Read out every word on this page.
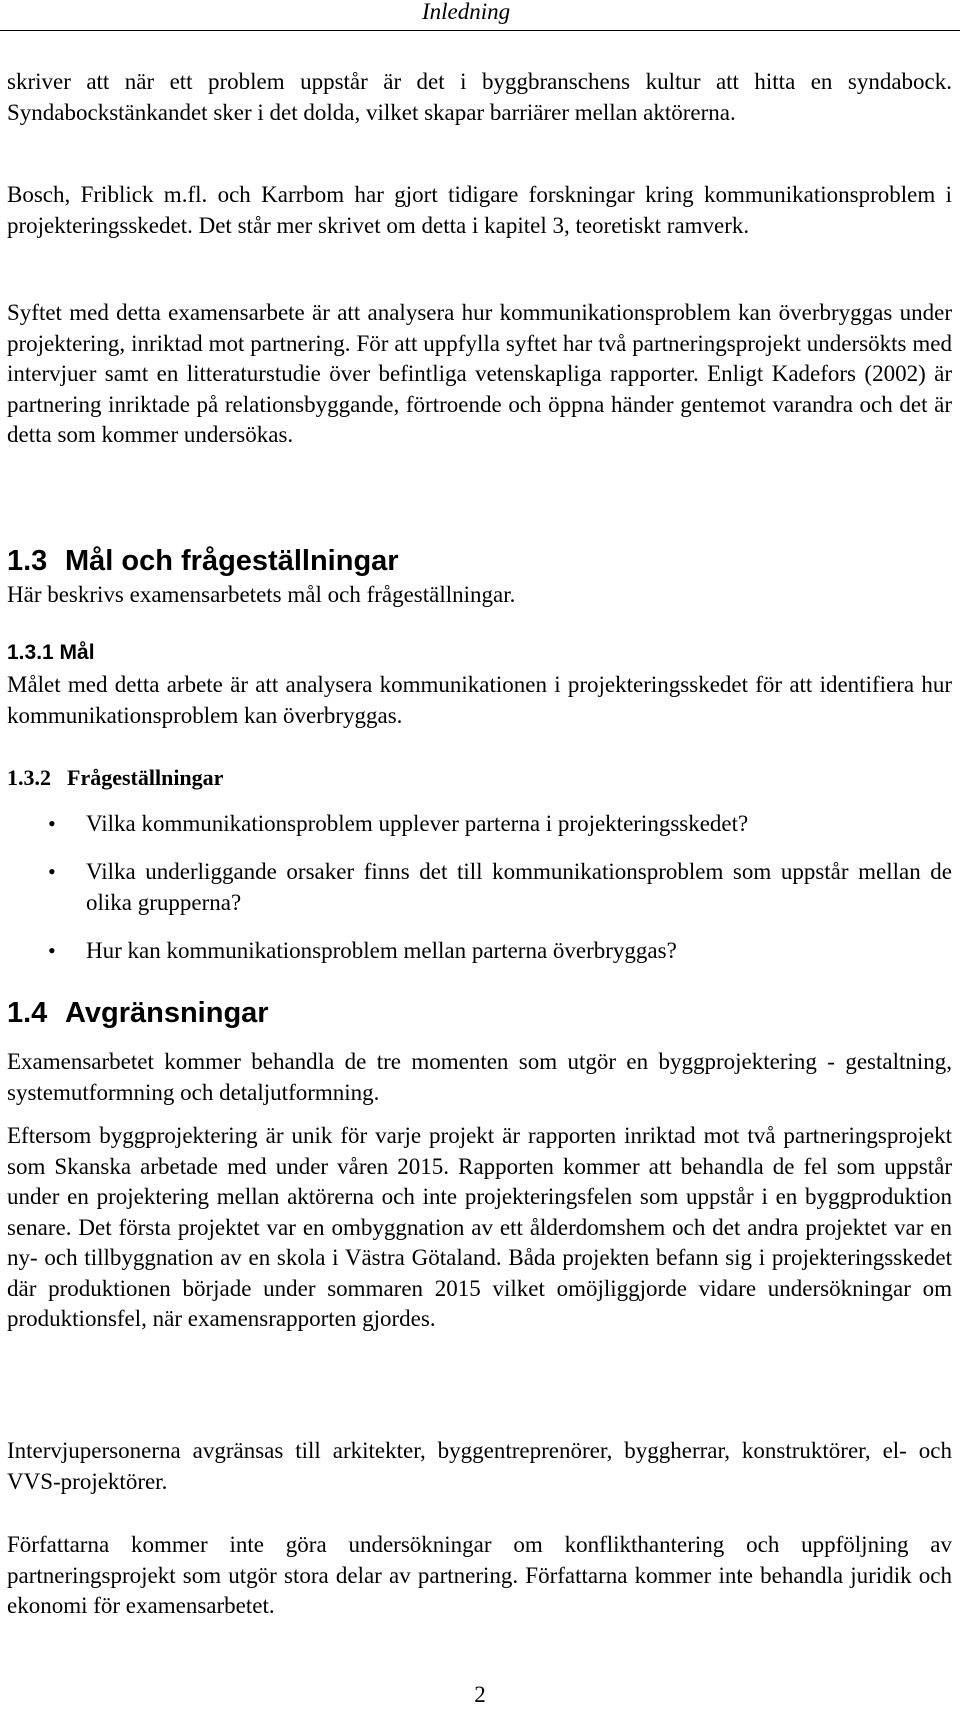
Inledning

skriver att när ett problem uppstår är det i byggbranschens kultur att hitta en syndabock. Syndabockstänkandet sker i det dolda, vilket skapar barriärer mellan aktörerna.

Bosch, Friblick m.fl. och Karrbom har gjort tidigare forskningar kring kommunikationsproblem i projekteringsskedet. Det står mer skrivet om detta i kapitel 3, teoretiskt ramverk.

Syftet med detta examensarbete är att analysera hur kommunikationsproblem kan överbryggas under projektering, inriktad mot partnering. För att uppfylla syftet har två partneringsprojekt undersökts med intervjuer samt en litteraturstudie över befintliga vetenskapliga rapporter. Enligt Kadefors (2002) är partnering inriktade på relationsbyggande, förtroende och öppna händer gentemot varandra och det är detta som kommer undersökas.

1.3 Mål och frågeställningar

Här beskrivs examensarbetets mål och frågeställningar.

1.3.1 Mål

Målet med detta arbete är att analysera kommunikationen i projekteringsskedet för att identifiera hur kommunikationsproblem kan överbryggas.

1.3.2 Frågeställningar
• Vilka kommunikationsproblem upplever parterna i projekteringsskedet?

• Vilka underliggande orsaker finns det till kommunikationsproblem som uppstår mellan de olika grupperna?

• Hur kan kommunikationsproblem mellan parterna överbryggas?

1.4 Avgränsningar

Examensarbetet kommer behandla de tre momenten som utgör en byggprojektering - gestaltning, systemutformning och detaljutformning.

Eftersom byggprojektering är unik för varje projekt är rapporten inriktad mot två partneringsprojekt som Skanska arbetade med under våren 2015. Rapporten kommer att behandla de fel som uppstår under en projektering mellan aktörerna och inte projekteringsfelen som uppstår i en byggproduktion senare. Det första projektet var en ombyggnation av ett ålderdomshem och det andra projektet var en ny- och tillbyggnation av en skola i Västra Götaland. Båda projekten befann sig i projekteringsskedet där produktionen började under sommaren 2015 vilket omöjliggjorde vidare undersökningar om produktionsfel, när examensrapporten gjordes.

Intervjupersonerna avgränsas till arkitekter, byggentreprenörer, byggherrar, konstruktörer, el- och VVS-projektörer.

Författarna kommer inte göra undersökningar om konflikthantering och uppföljning av partneringsprojekt som utgör stora delar av partnering. Författarna kommer inte behandla juridik och ekonomi för examensarbetet.

2
